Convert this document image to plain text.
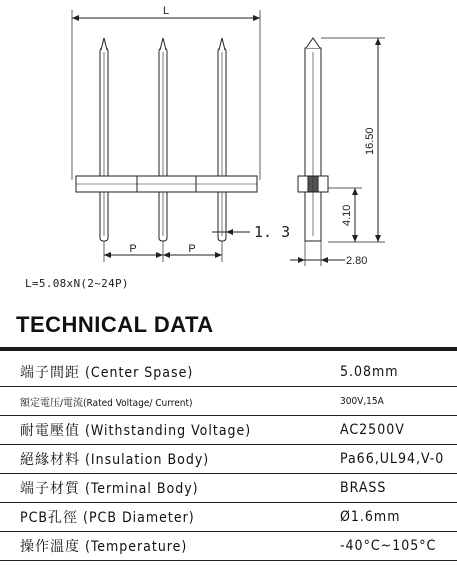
L
P	P
1. 3
16.50
4.10
2.80
L=5.08xN(2~24P)
TECHNICAL DATA
端子間距 (Center Spase)	5.08mm
額定電压/電流(Rated Voltage/ Current)	300V,15A
耐電壓值 (Withstanding Voltage)	AC2500V
絕緣材料 (Insulation Body)	Pa66,UL94,V-0
端子材質 (Terminal Body)	BRASS
PCB孔徑 (PCB Diameter)	Ø1.6mm
操作溫度 (Temperature)	-40°C~105°C
